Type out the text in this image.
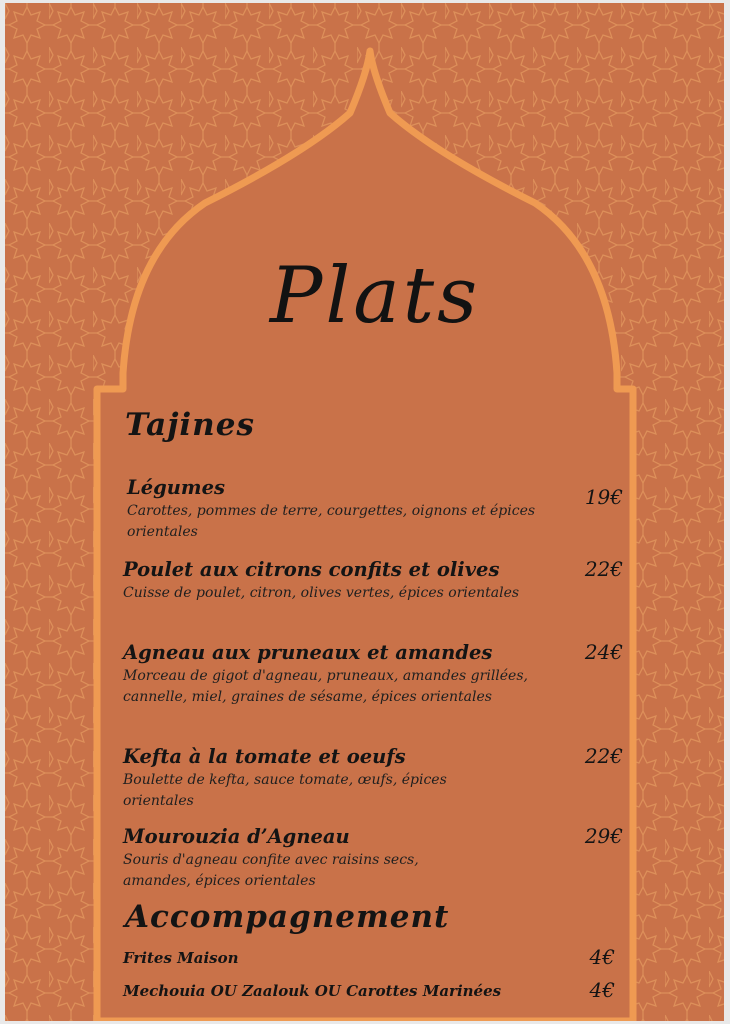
Plats
Tajines
Légumes
Carottes, pommes de terre, courgettes, oignons et épices orientales
19€
Poulet aux citrons confits et olives
Cuisse de poulet, citron, olives vertes, épices orientales
22€
Agneau aux pruneaux et amandes
Morceau de gigot d'agneau, pruneaux, amandes grillées, cannelle, miel, graines de sésame, épices orientales
24€
Kefta à la tomate et oeufs
Boulette de kefta, sauce tomate, œufs, épices orientales
22€
Mourouzia d’Agneau
Souris d'agneau confite avec raisins secs, amandes, épices orientales
29€
Accompagnement
Frites Maison	4€
Mechouia OU Zaalouk OU Carottes Marinées	4€
